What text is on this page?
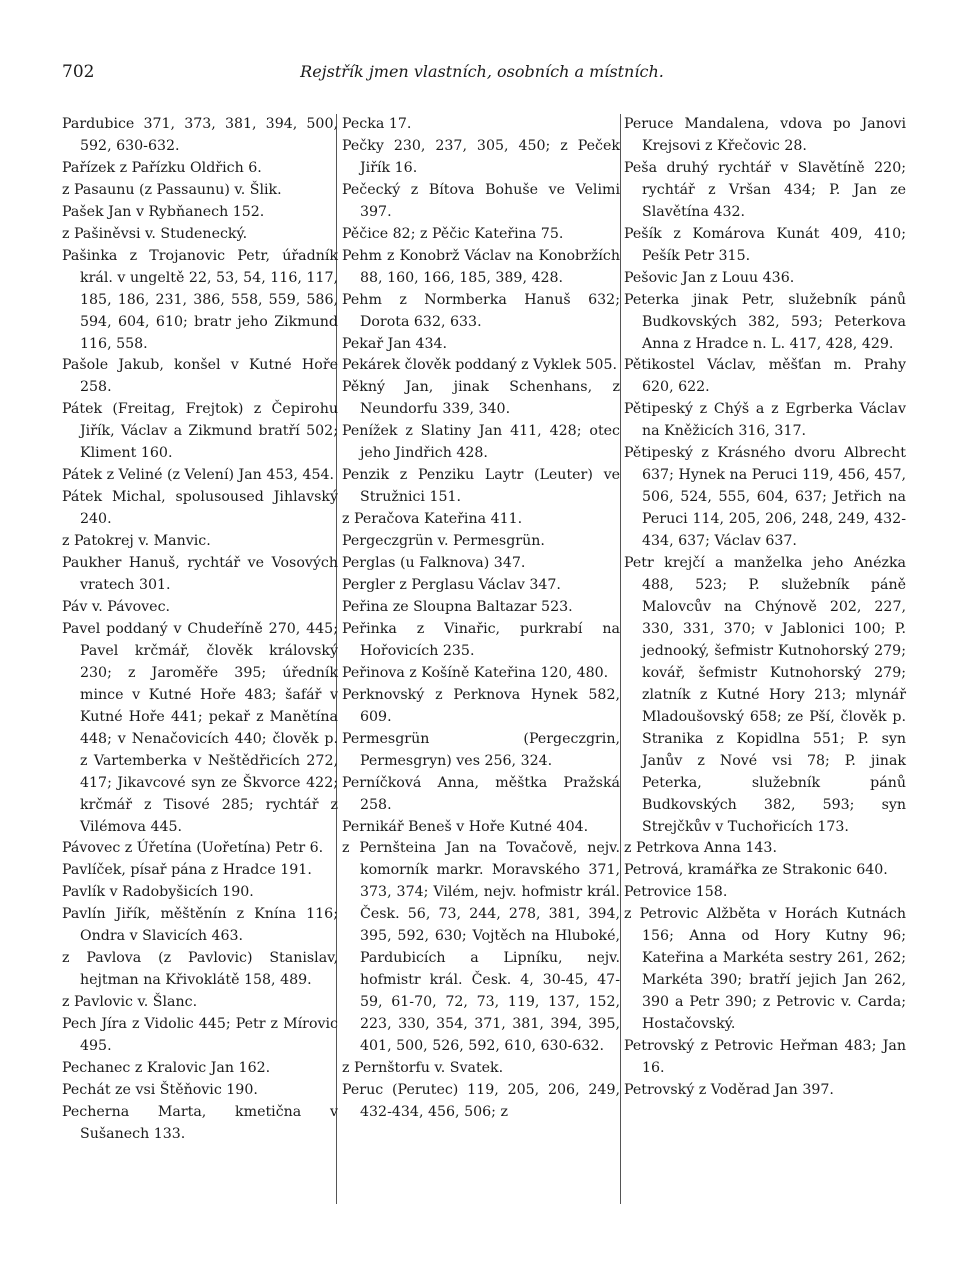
702	Rejstřík jmen vlastních, osobních a místních.

Pardubice 371, 373, 381, 394, 500, 592, 630-632.

Pařízek z Pařízku Oldřich 6.

z Pasaunu (z Passaunu) v. Šlik.

Pašek Jan v Rybňanech 152.

z Pašiněvsi v. Studenecký.

Pašinka z Trojanovic Petr, úřadník král. v ungeltě 22, 53, 54, 116, 117, 185, 186, 231, 386, 558, 559, 586, 594, 604, 610; bratr jeho Zikmund 116, 558.

Pašole Jakub, konšel v Kutné Hoře 258.

Pátek (Freitag, Frejtok) z Čepirohu Jiřík, Václav a Zikmund bratří 502; Kliment 160.

Pátek z Veliné (z Velení) Jan 453, 454.

Pátek Michal, spolusoused Jihlavský 240.

z Patokrej v. Manvic.

Paukher Hanuš, rychtář ve Vosových vratech 301.

Páv v. Pávovec.

Pavel poddaný v Chudeříně 270, 445; Pavel krčmář, člověk královský 230; z Jaroměře 395; úředník mince v Kutné Hoře 483; šafář v Kutné Hoře 441; pekař z Manětína 448; v Nenačovicích 440; člověk p. z Vartemberka v Neštědřicích 272, 417; Jikavcové syn ze Škvorce 422; krčmář z Tisové 285; rychtář z Vilémova 445.

Pávovec z Úřetína (Uořetína) Petr 6.

Pavlíček, písař pána z Hradce 191.

Pavlík v Radobyšicích 190.

Pavlín Jiřík, měštěnín z Knína 116; Ondra v Slavicích 463.

z Pavlova (z Pavlovic) Stanislav, hejtman na Křivoklátě 158, 489.

z Pavlovic v. Šlanc.

Pech Jíra z Vidolic 445; Petr z Mírovic 495.

Pechanec z Kralovic Jan 162.

Pechát ze vsi Štěňovic 190.

Pecherna Marta, kmetična v Sušanech 133.

Pecka 17.

Pečky 230, 237, 305, 450; z Peček Jiřík 16.

Pečecký z Bítova Bohuše ve Velimi 397.

Pěčice 82; z Pěčic Kateřina 75.

Pehm z Konobrž Václav na Konobržích 88, 160, 166, 185, 389, 428.

Pehm z Normberka Hanuš 632; Dorota 632, 633.

Pekař Jan 434.

Pekárek člověk poddaný z Vyklek 505.

Pěkný Jan, jinak Schenhans, z Neundorfu 339, 340.

Penížek z Slatiny Jan 411, 428; otec jeho Jindřich 428.

Penzik z Penziku Laytr (Leuter) ve Stružnici 151.

z Peračova Kateřina 411.

Pergeczgrün v. Permesgrün.

Perglas (u Falknova) 347.

Pergler z Perglasu Václav 347.

Peřina ze Sloupna Baltazar 523.

Peřinka z Vinařic, purkrabí na Hořovicích 235.

Peřinova z Košíně Kateřina 120, 480.

Perknovský z Perknova Hynek 582, 609.

Permesgrün (Pergeczgrin, Permesgryn) ves 256, 324.

Perníčková Anna, měštka Pražská 258.

Pernikář Beneš v Hoře Kutné 404.

z Pernšteina Jan na Tovačově, nejv. komorník markr. Moravského 371, 373, 374; Vilém, nejv. hofmistr král. Česk. 56, 73, 244, 278, 381, 394, 395, 592, 630; Vojtěch na Hluboké, Pardubicích a Lipníku, nejv. hofmistr král. Česk. 4, 30-45, 47-59, 61-70, 72, 73, 119, 137, 152, 223, 330, 354, 371, 381, 394, 395, 401, 500, 526, 592, 610, 630-632.

z Pernštorfu v. Svatek.

Peruc (Perutec) 119, 205, 206, 249, 432-434, 456, 506; z

Peruce Mandalena, vdova po Janovi Krejsovi z Křečovic 28.

Peša druhý rychtář v Slavětíně 220; rychtář z Vršan 434; P. Jan ze Slavětína 432.

Pešík z Komárova Kunát 409, 410; Pešík Petr 315.

Pešovic Jan z Louu 436.

Peterka jinak Petr, služebník pánů Budkovských 382, 593; Peterkova Anna z Hradce n. L. 417, 428, 429.

Pětikostel Václav, měšťan m. Prahy 620, 622.

Pětipeský z Chýš a z Egrberka Václav na Kněžicích 316, 317.

Pětipeský z Krásného dvoru Albrecht 637; Hynek na Peruci 119, 456, 457, 506, 524, 555, 604, 637; Jetřich na Peruci 114, 205, 206, 248, 249, 432-434, 637; Václav 637.

Petr krejčí a manželka jeho Anézka 488, 523; P. služebník páně Malovcův na Chýnově 202, 227, 330, 331, 370; v Jablonici 100; P. jednooký, šefmistr Kutnohorský 279; kovář, šefmistr Kutnohorský 279; zlatník z Kutné Hory 213; mlynář Mladoušovský 658; ze Pší, člověk p. Stranika z Kopidlna 551; P. syn Janův z Nové vsi 78; P. jinak Peterka, služebník pánů Budkovských 382, 593; syn Strejčkův v Tuchořicích 173.

z Petrkova Anna 143.

Petrová, kramářka ze Strakonic 640.

Petrovice 158.

z Petrovic Alžběta v Horách Kutnách 156; Anna od Hory Kutny 96; Kateřina a Markéta sestry 261, 262; Markéta 390; bratří jejich Jan 262, 390 a Petr 390; z Petrovic v. Carda; Hostačovský.

Petrovský z Petrovic Heřman 483; Jan 16.

Petrovský z Voděrad Jan 397.
